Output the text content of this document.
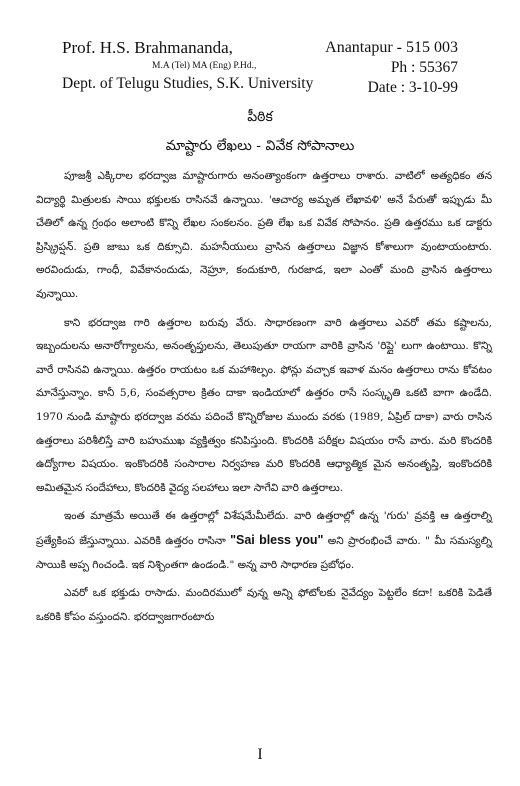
Prof. H.S. Brahmananda,
M.A (Tel) MA (Eng) P.Hd.,
Dept. of Telugu Studies, S.K. University
Anantapur - 515 003
Ph : 55367
Date : 3-10-99
పీఠిక
మాష్టారు లేఖలు - వివేక సోపానాలు

పూజశ్రీ ఎక్కిరాల భరద్వాజ మాష్టారుగారు అనంత్యాంకంగా ఉత్తరాలు రాశారు. వాటిలో అత్యధికం తన విద్యార్థి మిత్రులకు సాయి భక్తులకు రాసినవే ఉన్నాయి. 'ఆచార్య అమృత లేఖావళి' అనే పేరుతో ఇప్పుడు మీ చేతిలో ఉన్న గ్రంథం అలాంటి కొన్ని లేఖల సంకలనం. ప్రతి లేఖ ఒక వివేక సోపానం. ప్రతి ఉత్తరము ఒక డాక్టరు ప్రిస్క్రిప్షన్. ప్రతి జాబు ఒక దిక్సూచి. మహనీయులు వ్రాసిన ఉత్తరాలు విజ్ఞాన కోశాలుగా వుంటాయంటారు. అరవిందుడు, గాంధీ, వివేకానందుడు, నెహ్రూ, కందుకూరి, గురజాడ, ఇలా ఎంతో మంది వ్రాసిన ఉత్తరాలు వున్నాయి.

కాని భరద్వాజ గారి ఉత్తరాల బరువు వేరు. సాధారణంగా వారి ఉత్తరాలు ఎవరో తమ కష్టాలను, ఇబ్బందులను అనారోగ్యాలను, అనంతృప్తులను, తెలుపుతూ రాయగా వారికి వ్రాసిన 'రిప్లై' లుగా ఉంటాయి. కొన్ని వారే రాసినవి ఉన్నాయి. ఉత్తరం రాయటం ఒక మహాశిల్పం. ఫోన్లు వచ్చాక ఇవాళ మనం ఉత్తరాలు రాను కోవటం మానేస్తున్నాం. కానీ 5,6, సంవత్సరాల క్రితం దాకా ఇండియాలో ఉత్తరం రాసే సంస్కృతి ఒకటి బాగా ఉండేది. 1970 నుండి మాష్టారు భరద్వాజ వరమ పదించే కొన్నిరోజుల ముందు వరకు (1989, ఏప్రిల్ దాకా) వారు రాసిన ఉత్తరాలు పరిశీలిస్తే వారి బహుముఖ వ్యక్తిత్వం కనిపిస్తుంది. కొందరికి పరీక్షల విషయం రాసే వారు. మరి కొందరికి ఉద్యోగాల విషయం. ఇంకొందరికి సంసారాల నిర్వహణ మరి కొందరికి ఆధ్యాత్మిక మైన అనంతృప్తి, ఇంకొందరికి అమితమైన సందేహాలు, కొందరికి వైద్య సలహాలు ఇలా సాగేవి వారి ఉత్తరాలు.

ఇంత మాత్రమే అయితే ఈ ఉత్తరాల్లో విశేషమేమీలేదు. వారి ఉత్తరాల్లో ఉన్న 'గురు' వ్రవక్తి ఆ ఉత్తరాల్ని ప్రత్యేకింప జేస్తున్నాయి. ఎవరికి ఉత్తరం రాసినా "Sai bless you" అని ప్రారంభించే వారు. " మీ సమస్యల్ని సాయికి అప్ప గించండి. ఇక నిశ్చింతగా ఉండండి." అన్న వారి సాధారణ ప్రబోధం.

ఎవరో ఒక భక్తుడు రాసాడు. మందిరములో వున్న అన్ని ఫోటోలకు నైవేద్యం పెట్టలేం కదా! ఒకరికి పెడితే ఒకరికి కోపం వస్తుందని. భరద్వాజగారంటారు

I
